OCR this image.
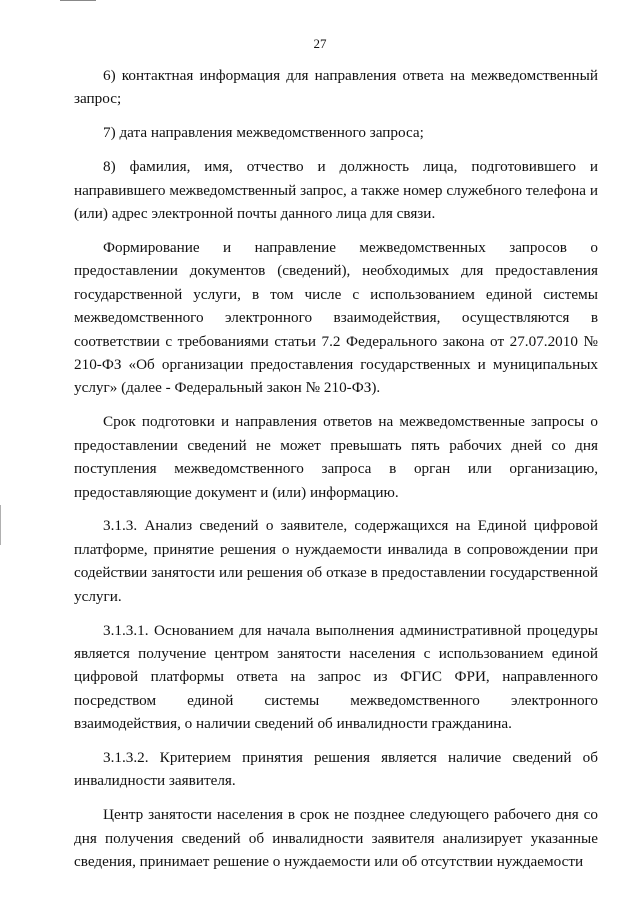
27

6) контактная информация для направления ответа на межведомственный запрос;

7) дата направления межведомственного запроса;

8) фамилия, имя, отчество и должность лица, подготовившего и направившего межведомственный запрос, а также номер служебного телефона и (или) адрес электронной почты данного лица для связи.

Формирование и направление межведомственных запросов о предоставлении документов (сведений), необходимых для предоставления государственной услуги, в том числе с использованием единой системы межведомственного электронного взаимодействия, осуществляются в соответствии с требованиями статьи 7.2 Федерального закона от 27.07.2010 № 210-ФЗ «Об организации предоставления государственных и муниципальных услуг» (далее - Федеральный закон № 210-ФЗ).

Срок подготовки и направления ответов на межведомственные запросы о предоставлении сведений не может превышать пять рабочих дней со дня поступления межведомственного запроса в орган или организацию, предоставляющие документ и (или) информацию.

3.1.3. Анализ сведений о заявителе, содержащихся на Единой цифровой платформе, принятие решения о нуждаемости инвалида в сопровождении при содействии занятости или решения об отказе в предоставлении государственной услуги.

3.1.3.1. Основанием для начала выполнения административной процедуры является получение центром занятости населения с использованием единой цифровой платформы ответа на запрос из ФГИС ФРИ, направленного посредством единой системы межведомственного электронного взаимодействия, о наличии сведений об инвалидности гражданина.

3.1.3.2. Критерием принятия решения является наличие сведений об инвалидности заявителя.

Центр занятости населения в срок не позднее следующего рабочего дня со дня получения сведений об инвалидности заявителя анализирует указанные сведения, принимает решение о нуждаемости или об отсутствии нуждаемости
